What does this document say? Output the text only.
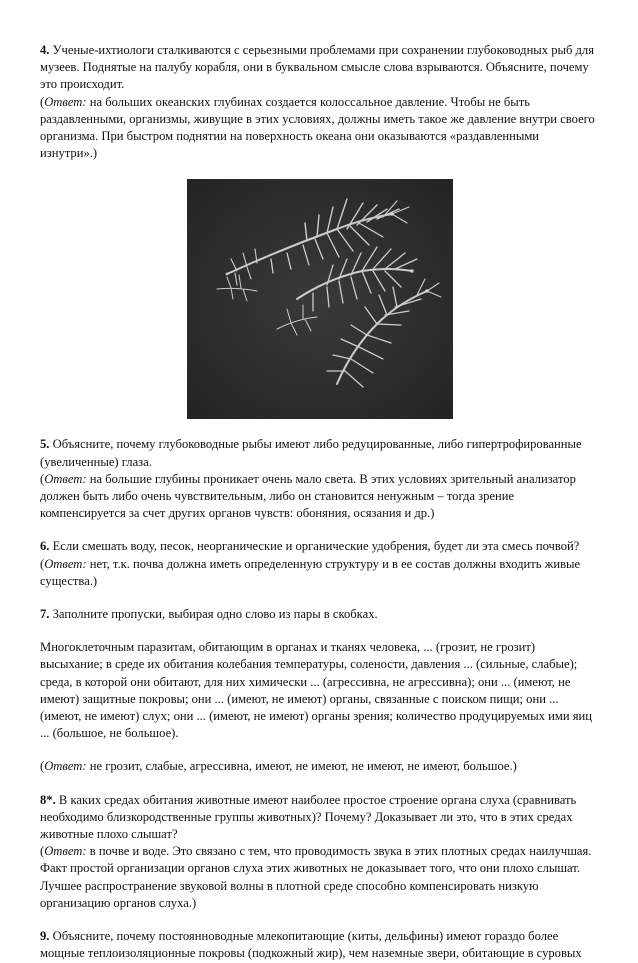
4. Ученые-ихтиологи сталкиваются с серьезными проблемами при сохранении глубоководных рыб для музеев. Поднятые на палубу корабля, они в буквальном смысле слова взрываются. Объясните, почему это происходит.
(Ответ: на больших океанских глубинах создается колоссальное давление. Чтобы не быть раздавленными, организмы, живущие в этих условиях, должны иметь такое же давление внутри своего организма. При быстром поднятии на поверхность океана они оказываются «раздавленными изнутри».)

5. Объясните, почему глубоководные рыбы имеют либо редуцированные, либо гипертрофированные (увеличенные) глаза.
(Ответ: на большие глубины проникает очень мало света. В этих условиях зрительный анализатор должен быть либо очень чувствительным, либо он становится ненужным – тогда зрение компенсируется за счет других органов чувств: обоняния, осязания и др.)

6. Если смешать воду, песок, неорганические и органические удобрения, будет ли эта смесь почвой? (Ответ: нет, т.к. почва должна иметь определенную структуру и в ее состав должны входить живые существа.)

7. Заполните пропуски, выбирая одно слово из пары в скобках.

Многоклеточным паразитам, обитающим в органах и тканях человека, ... (грозит, не грозит) высыхание; в среде их обитания колебания температуры, солености, давления ... (сильные, слабые); среда, в которой они обитают, для них химически ... (агрессивна, не агрессивна); они ... (имеют, не имеют) защитные покровы; они ... (имеют, не имеют) органы, связанные с поиском пищи; они ... (имеют, не имеют) слух; они ... (имеют, не имеют) органы зрения; количество продуцируемых ими яиц ... (большое, не большое).

(Ответ: не грозит, слабые, агрессивна, имеют, не имеют, не имеют, не имеют, большое.)

8*. В каких средах обитания животные имеют наиболее простое строение органа слуха (сравнивать необходимо близкородственные группы животных)? Почему? Доказывает ли это, что в этих средах животные плохо слышат?
(Ответ: в почве и воде. Это связано с тем, что проводимость звука в этих плотных средах наилучшая. Факт простой организации органов слуха этих животных не доказывает того, что они плохо слышат. Лучшее распространение звуковой волны в плотной среде способно компенсировать низкую организацию органов слуха.)

9. Объясните, почему постоянноводные млекопитающие (киты, дельфины) имеют гораздо более мощные теплоизоляционные покровы (подкожный жир), чем наземные звери, обитающие в суровых
